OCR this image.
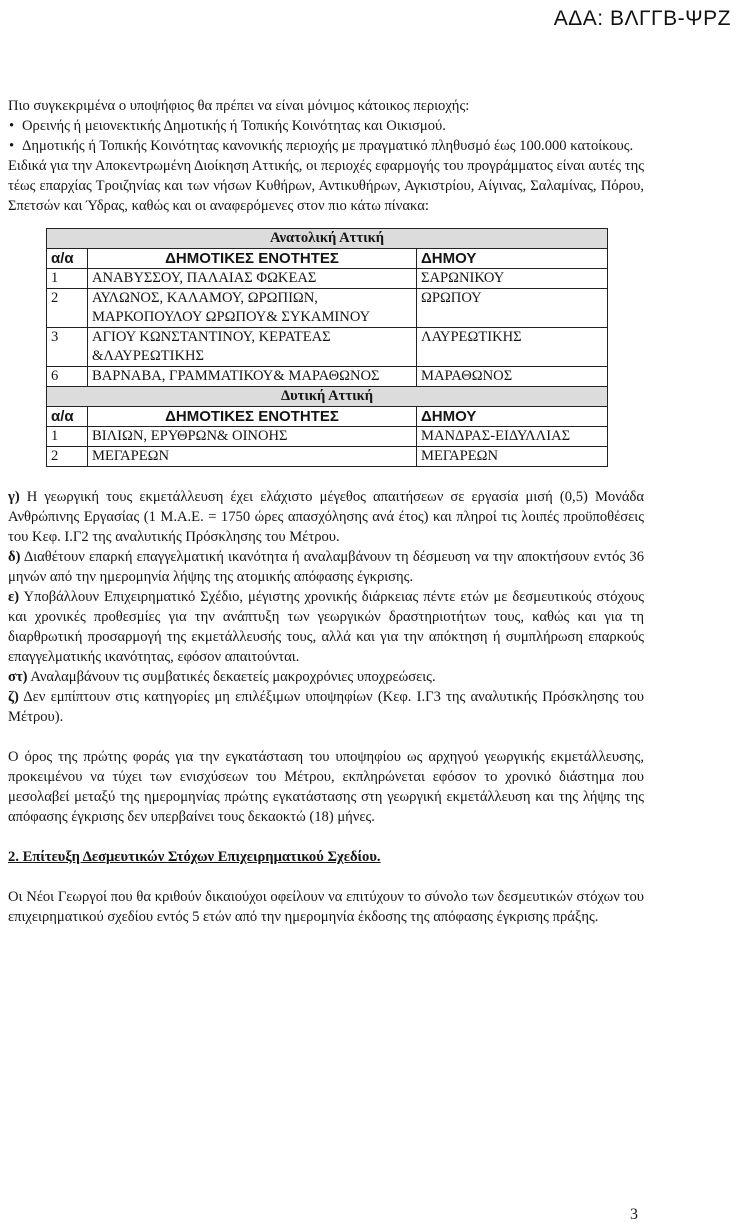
ΑΔΑ: ΒΛΓΓΒ-ΨΡΖ

Πιο συγκεκριμένα ο υποψήφιος θα πρέπει να είναι μόνιμος κάτοικος περιοχής:

• Ορεινής ή μειονεκτικής Δημοτικής ή Τοπικής Κοινότητας και Οικισμού.
• Δημοτικής ή Τοπικής Κοινότητας κανονικής περιοχής με πραγματικό πληθυσμό έως 100.000 κατοίκους.

Ειδικά για την Αποκεντρωμένη Διοίκηση Αττικής, οι περιοχές εφαρμογής του προγράμματος είναι αυτές της τέως επαρχίας Τροιζηνίας και των νήσων Κυθήρων, Αντικυθήρων, Αγκιστρίου, Αίγινας, Σαλαμίνας, Πόρου, Σπετσών και Ύδρας, καθώς και οι αναφερόμενες στον πιο κάτω πίνακα:

Ανατολική Αττική		
α/α	ΔΗΜΟΤΙΚΕΣ ΕΝΟΤΗΤΕΣ	ΔΗΜΟΥ
1	ΑΝΑΒΥΣΣΟΥ, ΠΑΛΑΙΑΣ ΦΩΚΕΑΣ	ΣΑΡΩΝΙΚΟΥ
2	ΑΥΛΩΝΟΣ, ΚΑΛΑΜΟΥ, ΩΡΩΠΙΩΝ, ΜΑΡΚΟΠΟΥΛΟΥ ΩΡΩΠΟΥ& ΣΥΚΑΜΙΝΟΥ	ΩΡΩΠΟΥ
3	ΑΓΙΟΥ ΚΩΝΣΤΑΝΤΙΝΟΥ, ΚΕΡΑΤΕΑΣ &ΛΑΥΡΕΩΤΙΚΗΣ	ΛΑΥΡΕΩΤΙΚΗΣ
6	ΒΑΡΝΑΒΑ, ΓΡΑΜΜΑΤΙΚΟΥ& ΜΑΡΑΘΩΝΟΣ	ΜΑΡΑΘΩΝΟΣ
Δυτική Αττική		
α/α	ΔΗΜΟΤΙΚΕΣ ΕΝΟΤΗΤΕΣ	ΔΗΜΟΥ
1	ΒΙΛΙΩΝ, ΕΡΥΘΡΩΝ& ΟΙΝΟΗΣ	ΜΑΝΔΡΑΣ-ΕΙΔΥΛΛΙΑΣ
2	ΜΕΓΑΡΕΩΝ	ΜΕΓΑΡΕΩΝ

γ) Η γεωργική τους εκμετάλλευση έχει ελάχιστο μέγεθος απαιτήσεων σε εργασία μισή (0,5) Μονάδα Ανθρώπινης Εργασίας (1 Μ.Α.Ε. = 1750 ώρες απασχόλησης ανά έτος) και πληροί τις λοιπές προϋποθέσεις του Κεφ. Ι.Γ2 της αναλυτικής Πρόσκλησης του Μέτρου.

δ) Διαθέτουν επαρκή επαγγελματική ικανότητα ή αναλαμβάνουν τη δέσμευση να την αποκτήσουν εντός 36 μηνών από την ημερομηνία λήψης της ατομικής απόφασης έγκρισης.

ε) Υποβάλλουν Επιχειρηματικό Σχέδιο, μέγιστης χρονικής διάρκειας πέντε ετών με δεσμευτικούς στόχους και χρονικές προθεσμίες για την ανάπτυξη των γεωργικών δραστηριοτήτων τους, καθώς και για τη διαρθρωτική προσαρμογή της εκμετάλλευσής τους, αλλά και για την απόκτηση ή συμπλήρωση επαρκούς επαγγελματικής ικανότητας, εφόσον απαιτούνται.

στ) Αναλαμβάνουν τις συμβατικές δεκαετείς μακροχρόνιες υποχρεώσεις.

ζ) Δεν εμπίπτουν στις κατηγορίες μη επιλέξιμων υποψηφίων (Κεφ. Ι.Γ3 της αναλυτικής Πρόσκλησης του Μέτρου).

Ο όρος της πρώτης φοράς για την εγκατάσταση του υποψηφίου ως αρχηγού γεωργικής εκμετάλλευσης, προκειμένου να τύχει των ενισχύσεων του Μέτρου, εκπληρώνεται εφόσον το χρονικό διάστημα που μεσολαβεί μεταξύ της ημερομηνίας πρώτης εγκατάστασης στη γεωργική εκμετάλλευση και της λήψης της απόφασης έγκρισης δεν υπερβαίνει τους δεκαοκτώ (18) μήνες.

2. Επίτευξη Δεσμευτικών Στόχων Επιχειρηματικού Σχεδίου.

Οι Νέοι Γεωργοί που θα κριθούν δικαιούχοι οφείλουν να επιτύχουν το σύνολο των δεσμευτικών στόχων του επιχειρηματικού σχεδίου εντός 5 ετών από την ημερομηνία έκδοσης της απόφασης έγκρισης πράξης.

3
